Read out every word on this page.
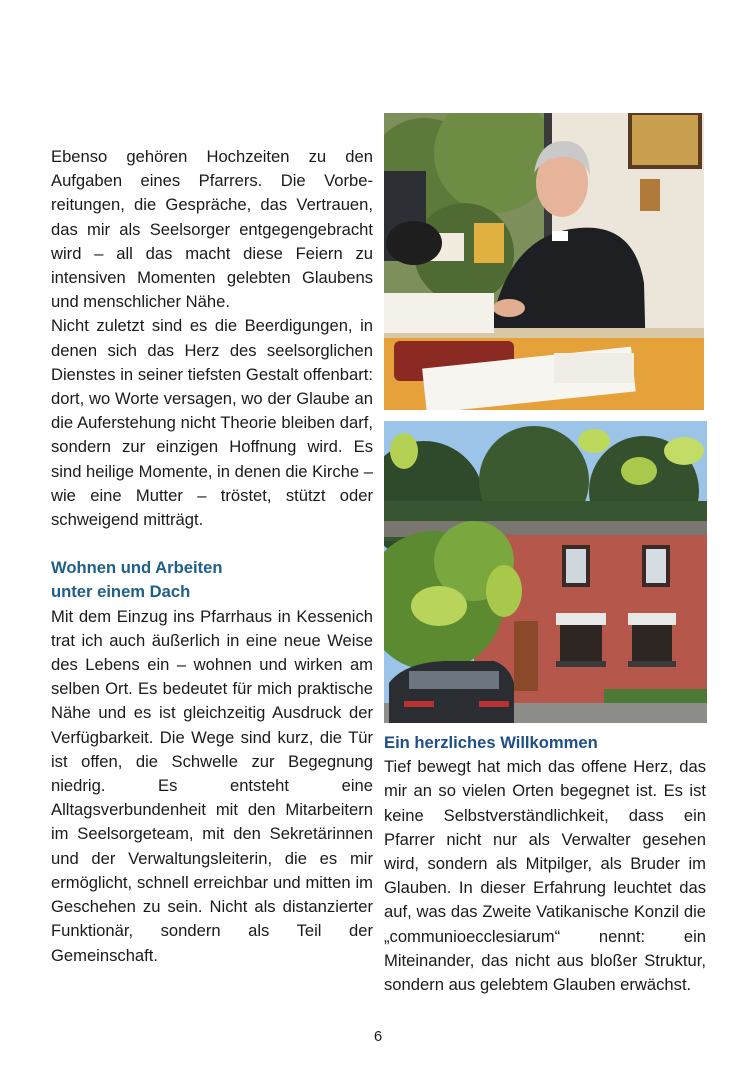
Ebenso gehören Hochzeiten zu den Aufgaben eines Pfarrers. Die Vorbereitungen, die Gespräche, das Vertrauen, das mir als Seelsorger entgegengebracht wird – all das macht diese Feiern zu intensiven Momenten gelebten Glaubens und menschlicher Nähe.

Nicht zuletzt sind es die Beerdigungen, in denen sich das Herz des seelsorglichen Dienstes in seiner tiefsten Gestalt offenbart: dort, wo Worte versagen, wo der Glaube an die Auferstehung nicht Theorie bleiben darf, sondern zur einzigen Hoffnung wird. Es sind heilige Momente, in denen die Kirche – wie eine Mutter – tröstet, stützt oder schweigend mitträgt.

Wohnen und Arbeiten
unter einem Dach

Mit dem Einzug ins Pfarrhaus in Kessenich trat ich auch äußerlich in eine neue Weise des Lebens ein – wohnen und wirken am selben Ort. Es bedeutet für mich praktische Nähe und es ist gleichzeitig Ausdruck der Verfügbarkeit. Die Wege sind kurz, die Tür ist offen, die Schwelle zur Begegnung niedrig. Es entsteht eine Alltagsverbundenheit mit den Mitarbeitern im Seelsorgeteam, mit den Sekretärinnen und der Verwaltungsleiterin, die es mir ermöglicht, schnell erreichbar und mitten im Geschehen zu sein. Nicht als distanzierter Funktionär, sondern als Teil der Gemeinschaft.

Ein herzliches Willkommen

Tief bewegt hat mich das offene Herz, das mir an so vielen Orten begegnet ist. Es ist keine Selbstverständlichkeit, dass ein Pfarrer nicht nur als Verwalter gesehen wird, sondern als Mitpilger, als Bruder im Glauben. In dieser Erfahrung leuchtet das auf, was das Zweite Vatikanische Konzil die „communioecclesiarum“ nennt: ein Miteinander, das nicht aus bloßer Struktur, sondern aus gelebtem Glauben erwächst.

6
